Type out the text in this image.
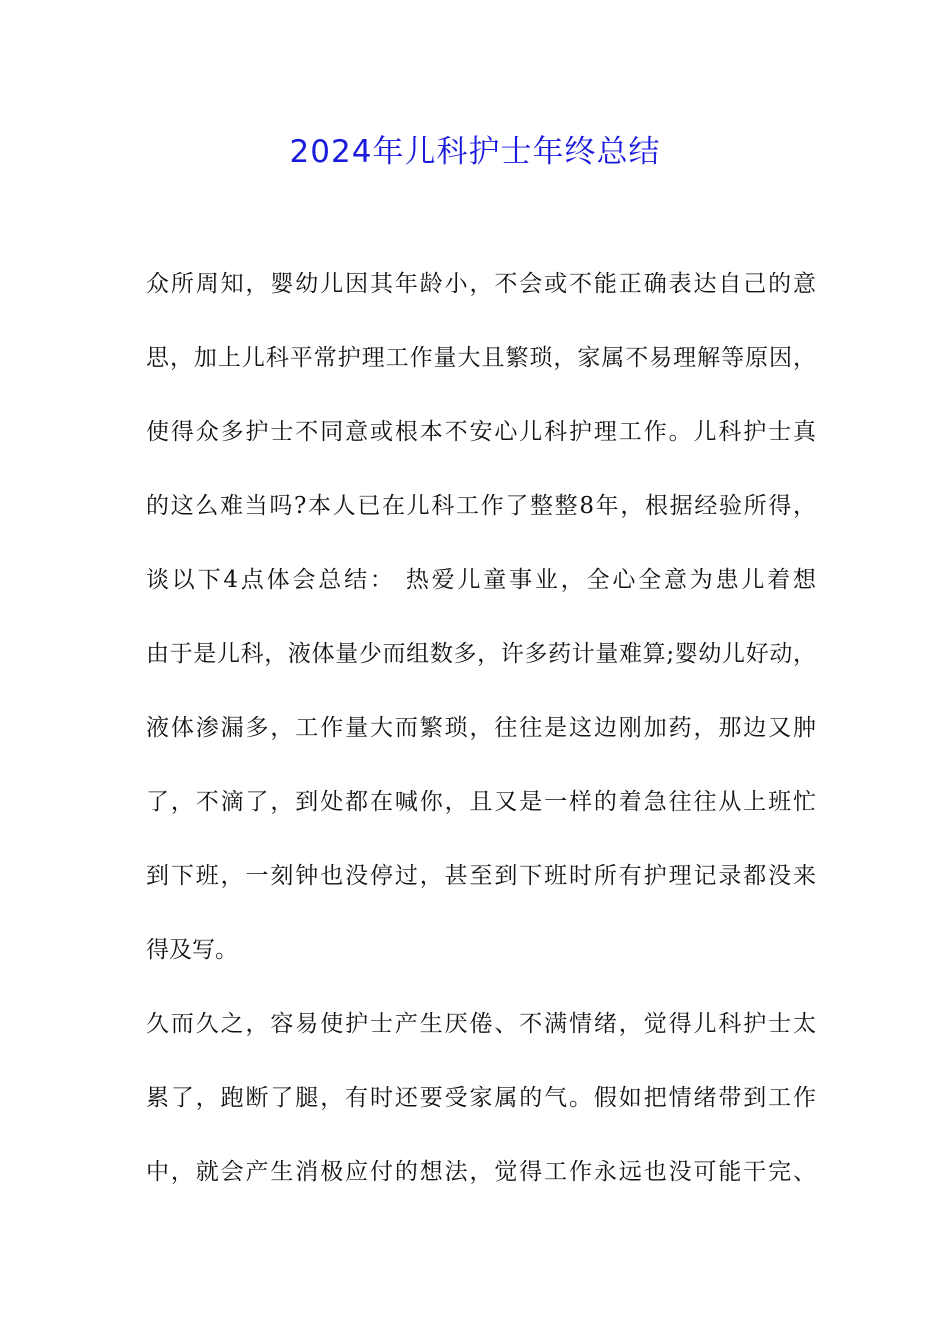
2024年儿科护士年终总结
众所周知，婴幼儿因其年龄小，不会或不能正确表达自己的意
思，加上儿科平常护理工作量大且繁琐，家属不易理解等原因，
使得众多护士不同意或根本不安心儿科护理工作。儿科护士真
的这么难当吗?本人已在儿科工作了整整8年，根据经验所得，
谈以下4点体会总结： 热爱儿童事业，全心全意为患儿着想
由于是儿科，液体量少而组数多，许多药计量难算;婴幼儿好动，
液体渗漏多，工作量大而繁琐，往往是这边刚加药，那边又肿
了，不滴了，到处都在喊你，且又是一样的着急往往从上班忙
到下班，一刻钟也没停过，甚至到下班时所有护理记录都没来
得及写。
久而久之，容易使护士产生厌倦、不满情绪，觉得儿科护士太
累了，跑断了腿，有时还要受家属的气。假如把情绪带到工作
中，就会产生消极应付的想法，觉得工作永远也没可能干完、
